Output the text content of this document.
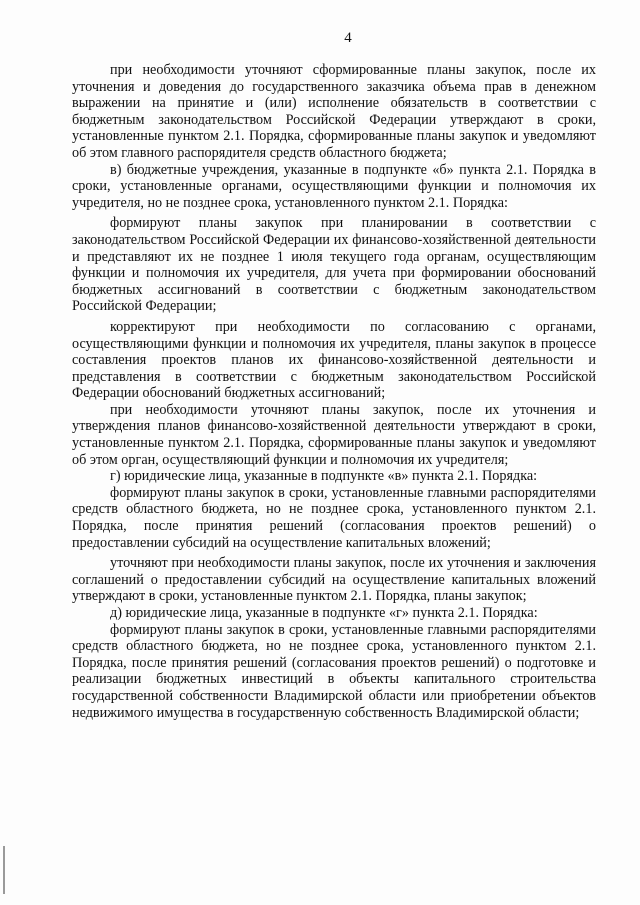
4

при необходимости уточняют сформированные планы закупок, после их уточнения и доведения до государственного заказчика объема прав в денежном выражении на принятие и (или) исполнение обязательств в соответствии с бюджетным законодательством Российской Федерации утверждают в сроки, установленные пунктом 2.1. Порядка, сформированные планы закупок и уведомляют об этом главного распорядителя средств областного бюджета;

в) бюджетные учреждения, указанные в подпункте «б» пункта 2.1. Порядка в сроки, установленные органами, осуществляющими функции и полномочия их учредителя, но не позднее срока, установленного пунктом 2.1. Порядка:

формируют планы закупок при планировании в соответствии с законодательством Российской Федерации их финансово-хозяйственной деятельности и представляют их не позднее 1 июля текущего года органам, осуществляющим функции и полномочия их учредителя, для учета при формировании обоснований бюджетных ассигнований в соответствии с бюджетным законодательством Российской Федерации;

корректируют при необходимости по согласованию с органами, осуществляющими функции и полномочия их учредителя, планы закупок в процессе составления проектов планов их финансово-хозяйственной деятельности и представления в соответствии с бюджетным законодательством Российской Федерации обоснований бюджетных ассигнований;

при необходимости уточняют планы закупок, после их уточнения и утверждения планов финансово-хозяйственной деятельности утверждают в сроки, установленные пунктом 2.1. Порядка, сформированные планы закупок и уведомляют об этом орган, осуществляющий функции и полномочия их учредителя;

г) юридические лица, указанные в подпункте «в» пункта 2.1. Порядка:

формируют планы закупок в сроки, установленные главными распорядителями средств областного бюджета, но не позднее срока, установленного пунктом 2.1. Порядка, после принятия решений (согласования проектов решений) о предоставлении субсидий на осуществление капитальных вложений;

уточняют при необходимости планы закупок, после их уточнения и заключения соглашений о предоставлении субсидий на осуществление капитальных вложений утверждают в сроки, установленные пунктом 2.1. Порядка, планы закупок;

д) юридические лица, указанные в подпункте «г» пункта 2.1. Порядка:

формируют планы закупок в сроки, установленные главными распорядителями средств областного бюджета, но не позднее срока, установленного пунктом 2.1. Порядка, после принятия решений (согласования проектов решений) о подготовке и реализации бюджетных инвестиций в объекты капитального строительства государственной собственности Владимирской области или приобретении объектов недвижимого имущества в государственную собственность Владимирской области;
